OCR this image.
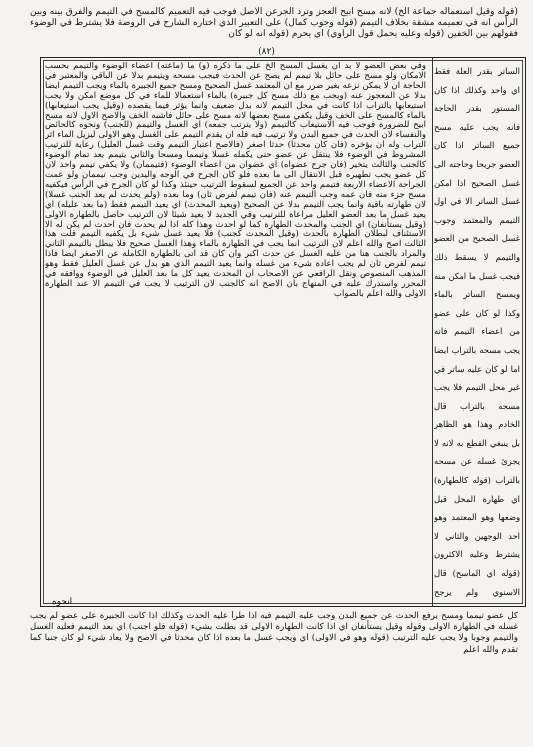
(قوله وقيل استعماله جماعة الخ) لانه مسح ابيح العجز وترد الجرعن الاصل فوجب فيه التعميم كالمسح في التيمم والفرق بينه وبين الرأس انه في تعميمه مشقة بخلاف التيمم (قوله وجوب كمال) على التعبير الذي اختاره الشارح في الروضة فلا يشترط في الوضوء فقولهم بين الخفين (قوله وعليه يحمل قول الراوي) اي يحرم (قوله انه لو كان

(٨٢)

الساتر بقدر العلة فقط اي واحد وكذلك اذا كان المستور بقدر الحاجة فانه يجب عليه مسح جميع الساتر اذا كان العضو جريحا وحاجته الى غسل الصحيح اذا امكن غسل الساتر الا في اول التيمم والمعتمد وجوب غسل الصحيح من العضو والتيمم لا يسقط ذلك فيجب غسل ما امكن منه ويمسح الساتر بالماء وكذا لو كان على عضو من اعضاء التيمم فانه يجب مسحه بالتراب ايضا اما لو كان عليه ساتر في غير محل التيمم فلا يجب مسحه بالتراب قال الخادم وهذا هو الظاهر بل ينبغي القطع به لانه لا يجزئ غسله عن مسحه بالتراب (قوله كالطهارة) اي طهارة المحل قبل وضعها وهو المعتمد وهو احد الوجهين والثاني لا يشترط وعليه الاكثرون (قوله اي الماسح) قال الاسنوي ولم يرجح

وفي بعض العضو لا بد ان يغسل المسح الخ على ما ذكره (و) ما (ماعته) اعضاء الوضوء والتيمم بحسب الامكان ولو مسح على حائل بلا تيمم لم يصح عن الحدث فيجب مسحه ويتيمم بدلا عن الباقي والمعتبر في الحاجة ان لا يمكن نزعه بغير ضرر مع ان المعتمد غسل الصحيح ومسح جميع الجبيرة بالماء ويجب التيمم ايضا بدلا عن المعجوز عنه (ويجب مع ذلك مسح كل جبيرة) بالماء استعمالا للماء في كل موضع امكن ولا يجب استيعابها بالتراب اذا كانت في محل التيمم لانه بدل ضعيف وانما يؤثر فيما يقصده (وقيل يجب استيعابها) بالماء كالمسح على الخف وقيل يكفي مسح بعضها لانه مسح على حائل فاشبه الخف والاصح الاول لانه مسح ابيح للضرورة فوجب فيه الاستيعاب كالتيمم (ولا يترتب جمعه) اي الغسل والتيمم (للجنب) ونحوه كالحائض والنفساء لان الحدث في جميع البدن ولا ترتيب فيه فله ان يقدم التيمم على الغسل وهو الاولى ليزيل الماء اثر التراب وله ان يؤخره (فان كان محدثا) حدثا اصغر (فالاصح اعتبار التيمم وقت غسل العليل) رعاية للترتيب المشروط في الوضوء فلا ينتقل عن عضو حتى يكمله غسلا وتيمما ومسحا والثاني يتيمم بعد تمام الوضوء كالجنب والثالث يتخير (فان جرح عضواه) اي عضوان من اعضاء الوضوء (فتيممان) ولا يكفي تيمم واحد لان كل عضو يجب تطهيره قبل الانتقال الى ما بعده فلو كان الجرح في الوجه واليدين وجب تيممان ولو عمت الجراحة الاعضاء الاربعة فتيمم واحد عن الجميع لسقوط الترتيب حينئذ وكذا لو كان الجرح في الرأس فيكفيه مسح جزء منه فان عمه وجب التيمم عنه (فان تيمم لفرض ثان) وما بعده (ولم يحدث لم يعد الجنب غسلا) لان طهارته باقية وانما يجب التيمم بدلا عن الصحيح (ويعيد المحدث) اي يعيد التيمم فقط (ما بعد عليله) اي يعيد غسل ما بعد العضو العليل مراعاة للترتيب وفي الجديد لا يعيد شيئا لان الترتيب حاصل بالطهارة الاولى (وقيل يستأنفان) اي الجنب والمحدث الطهارة كما لو احدث وهذا كله اذا لم يحدث فان احدث لم يكن له الا الاستئناف لبطلان الطهارة بالحدث (وقيل المحدث كجنب) فلا يعيد غسل شيء بل يكفيه التيمم قلت هذا الثالث اصح والله اعلم لان الترتيب انما يجب في الطهارة بالماء وهذا الغسل صحيح فلا يبطل بالتيمم الثاني والمراد بالجنب هنا من عليه الغسل عن حدث اكبر وان كان قد اتى بالطهارة الكاملة عن الاصغر ايضا فاذا تيمم لفرض ثان لم يجب اعادة شيء من غسله وانما يعيد التيمم الذي هو بدل عن غسل العليل فقط وهو المذهب المنصوص ونقل الرافعي عن الاصحاب ان المحدث يعيد كل ما بعد العليل في الوضوء ووافقه في المحرر واستدرك عليه في المنهاج بان الاصح انه كالجنب لان الترتيب لا يجب في التيمم الا عند الطهارة الاولى والله اعلم بالصواب

انحوه

كل عضو تيمما ومسح يرفع الحدث عن جميع البدن وجب عليه التيمم فيه اذا طرأ عليه الحدث وكذلك اذا كانت الجبيرة على عضو لم يجب غسله في الطهارة الاولى وقوله وقيل يستأنفان اي اذا كانت الطهارة الاولى قد بطلت بشيء (قوله فلو اجنب) اي بعد التيمم فعليه الغسل والتيمم وجوبا ولا يجب عليه الترتيب (قوله وهو في الاولى) اي ويجب غسل ما بعده اذا كان محدثا في الاصح ولا يعاد شيء لو كان جنبا كما تقدم والله اعلم
